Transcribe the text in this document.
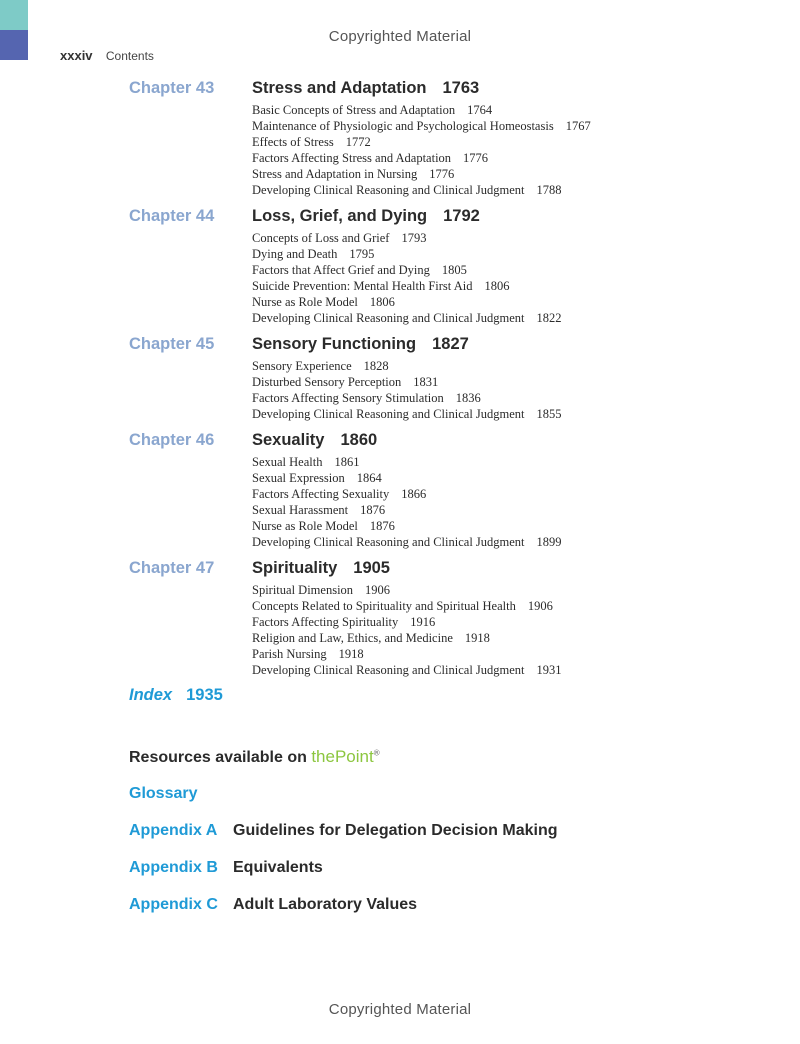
Copyrighted Material
xxxiv Contents
Chapter 43 Stress and Adaptation 1763
Basic Concepts of Stress and Adaptation 1764
Maintenance of Physiologic and Psychological Homeostasis 1767
Effects of Stress 1772
Factors Affecting Stress and Adaptation 1776
Stress and Adaptation in Nursing 1776
Developing Clinical Reasoning and Clinical Judgment 1788
Chapter 44 Loss, Grief, and Dying 1792
Concepts of Loss and Grief 1793
Dying and Death 1795
Factors that Affect Grief and Dying 1805
Suicide Prevention: Mental Health First Aid 1806
Nurse as Role Model 1806
Developing Clinical Reasoning and Clinical Judgment 1822
Chapter 45 Sensory Functioning 1827
Sensory Experience 1828
Disturbed Sensory Perception 1831
Factors Affecting Sensory Stimulation 1836
Developing Clinical Reasoning and Clinical Judgment 1855
Chapter 46 Sexuality 1860
Sexual Health 1861
Sexual Expression 1864
Factors Affecting Sexuality 1866
Sexual Harassment 1876
Nurse as Role Model 1876
Developing Clinical Reasoning and Clinical Judgment 1899
Chapter 47 Spirituality 1905
Spiritual Dimension 1906
Concepts Related to Spirituality and Spiritual Health 1906
Factors Affecting Spirituality 1916
Religion and Law, Ethics, and Medicine 1918
Parish Nursing 1918
Developing Clinical Reasoning and Clinical Judgment 1931
Index 1935
Resources available on thePoint®
Glossary
Appendix A Guidelines for Delegation Decision Making
Appendix B Equivalents
Appendix C Adult Laboratory Values
Copyrighted Material
